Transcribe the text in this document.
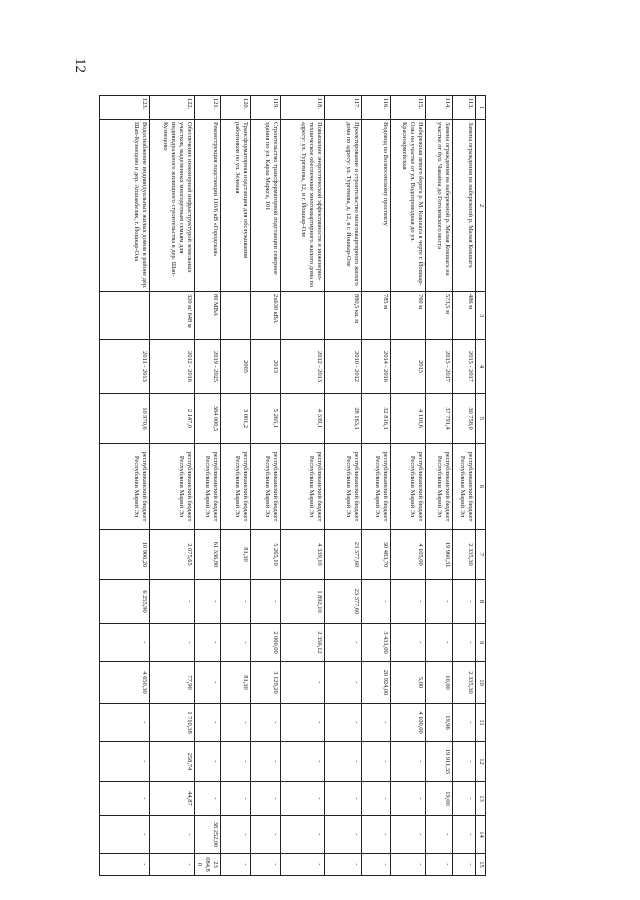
12
1	2	3	4	5	6	7	8	9	10	11	12	13	14	15
113.	Замена ограждения на набережной р. Малая Кокшага	486 м	2015 - 2017	30 758,0	республиканский бюджет Республики Марий Эл	2 335,30	-	-	2 335,30	-	-	-	-	-
114.	Замена ограждения на набережной р. Малая Кокшага на участке от бул. Чавайна до Гоголевского моста	573,5 м	2015 - 2017	37 791,4	республиканский бюджет Республики Марий Эл	19 960,31	-	-	10,00	19,96	19 911,35	19,00	-	-
115.	Набережная левого берега р. М. Кокшага в черте г. Йошкар-Олы на участке от ул. Водопроводная до ул. Красноармейская	760 м	2015	4 110,6	республиканский бюджет Республики Марий Эл	4 105,00	-	-	5,00	4 100,00	-	-	-	-
116.	Водовод по Вознесенскому проспекту	785 м	2014 - 2016	32 816,1	республиканский бюджет Республики Марий Эл	30 483,70	-	3 431,00	20 924,00	-	-	-	-	-
117.	Проектирование и строительство многоквартирного жилого дома по адресу: ул. Тургенева, д. 12, в г. Йошкар-Оле	880,5 кв. м	2010 - 2012	28 163,1	республиканский бюджет Республики Марий Эл	23 377,60	23 377,60	-	-	-	-	-	-	-
118.	Повышение энергетической эффективности и инженерно-техническое обеспечение многоквартирного жилого дома по адресу: ул. Тургенева, 12, в г. Йошкар-Оле		2012 - 2013	4 339,1	республиканский бюджет Республики Марий Эл	4 339,10	1 892,10	2 356,12	-	-	-	-	-	-
119.	Строительство трансформаторной подстанции северное здания по ул. Карла Маркса, 101	2х630 кВА	2013	5 265,1	республиканский бюджет Республики Марий Эл	5 265,10	-	2 000,00	3 129,20	-	-	-	-	-
120.	Трансформаторная подстанция для обслуживания работников по ул. Зеленая		2005	3 001,2	республиканский бюджет Республики Марий Эл	81,30	-	-	81,30	-	-	-	-	-
121.	Реконструкция подстанции 110/6 кВ «Городская»	80 МВА	2019 - 2025	384 000,5	республиканский бюджет Республики Марий Эл	61 336,80	-	-	-	-	-	-	38 252,00	23 084,80
122.	Обеспечение инженерной инфраструктурой земельных участков, выделенных многодетным семьям для индивидуального жилищного строительства в дер. Шап-Кузнецово	320 м/ 648 м	2012 - 2016	2 147,0	республиканский бюджет Республики Марий Эл	2 075,65	-	-	77,90	1 710,38	258,74	44,87	-	-
123.	Водоснабжение индивидуальных жилых домов в районе дер. Шап-Кузнецово и дер. Апшакбеляк, г. Йошкар-Ола		2011 - 2013	10 970,6	республиканский бюджет Республики Марий Эл	10 906,20	6 255,90	-	4 650,30	-	-	-	-	-
